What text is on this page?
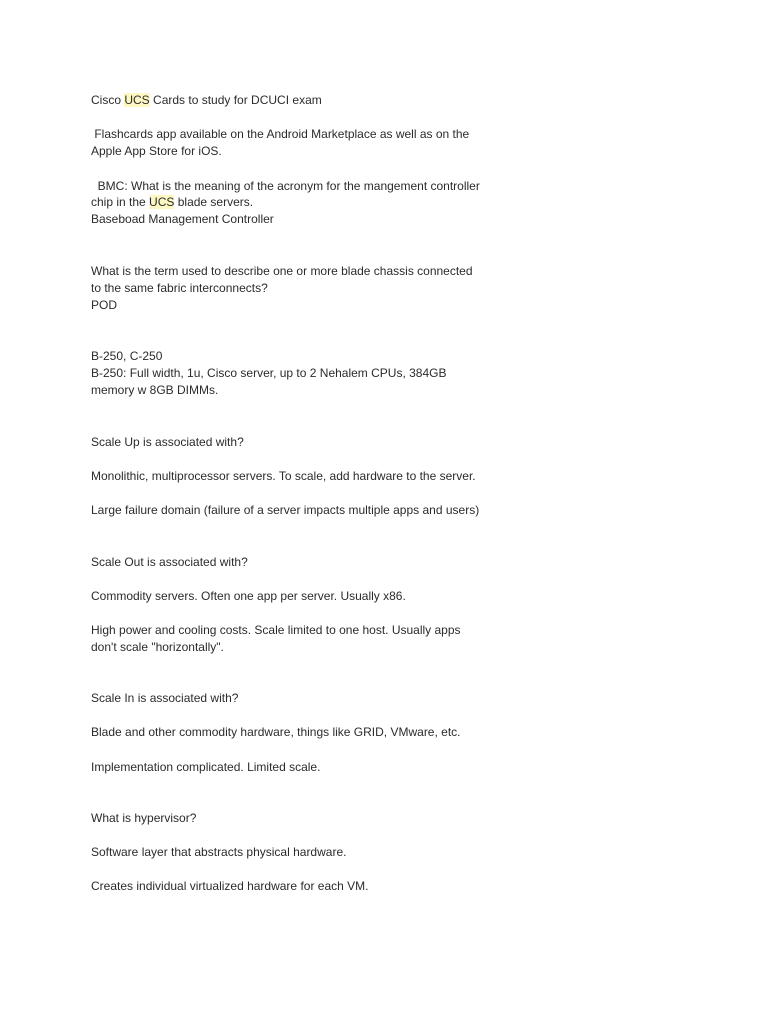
Cisco UCS Cards to study for DCUCI exam
Flashcards app available on the Android Marketplace as well as on the
Apple App Store for iOS.
BMC: What is the meaning of the acronym for the mangement controller
chip in the UCS blade servers.
Baseboad Management Controller
What is the term used to describe one or more blade chassis connected
to the same fabric interconnects?
POD
B-250, C-250
B-250: Full width, 1u, Cisco server, up to 2 Nehalem CPUs, 384GB
memory w 8GB DIMMs.
Scale Up is associated with?
Monolithic, multiprocessor servers. To scale, add hardware to the server.
Large failure domain (failure of a server impacts multiple apps and users)
Scale Out is associated with?
Commodity servers. Often one app per server. Usually x86.
High power and cooling costs. Scale limited to one host. Usually apps
don't scale "horizontally".
Scale In is associated with?
Blade and other commodity hardware, things like GRID, VMware, etc.
Implementation complicated. Limited scale.
What is hypervisor?
Software layer that abstracts physical hardware.
Creates individual virtualized hardware for each VM.
